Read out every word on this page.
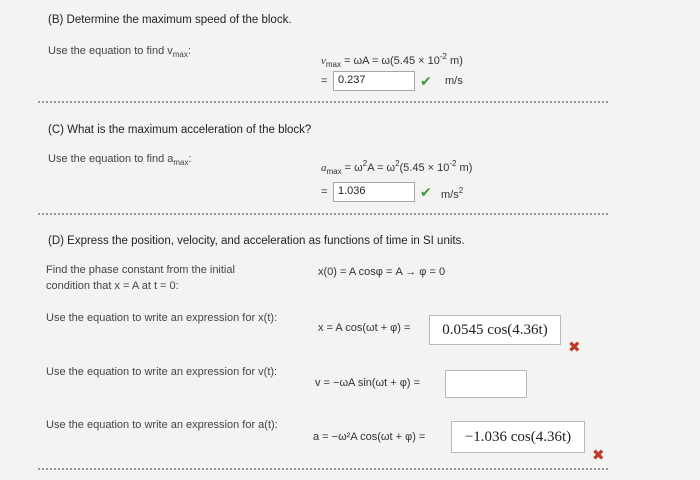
(B) Determine the maximum speed of the block.
Use the equation to find $v_{max}$:
$v_{max} = \omega A = \omega(5.45 \times 10^{-2}$ m)
= 0.237	✔ m/s
(C) What is the maximum acceleration of the block?
Use the equation to find $a_{max}$:
$a_{max} = \omega^2A = \omega^2(5.45 \times 10^{-2}$ m)
= 1.036	✔ $m/s^2$
(D) Express the position, velocity, and acceleration as functions of time in SI units.
Find the phase constant from the initial condition that x = A at t = 0:
x(0) = A cosφ = A → φ = 0
Use the equation to write an expression for x(t):
x = A cos(ωt + φ) =	0.0545 cos(4.36t)
✖
Use the equation to write an expression for v(t):
v = −ωA sin(ωt + φ) =
Use the equation to write an expression for a(t):
a = −ω²A cos(ωt + φ) =	−1.036 cos(4.36t)
✖
